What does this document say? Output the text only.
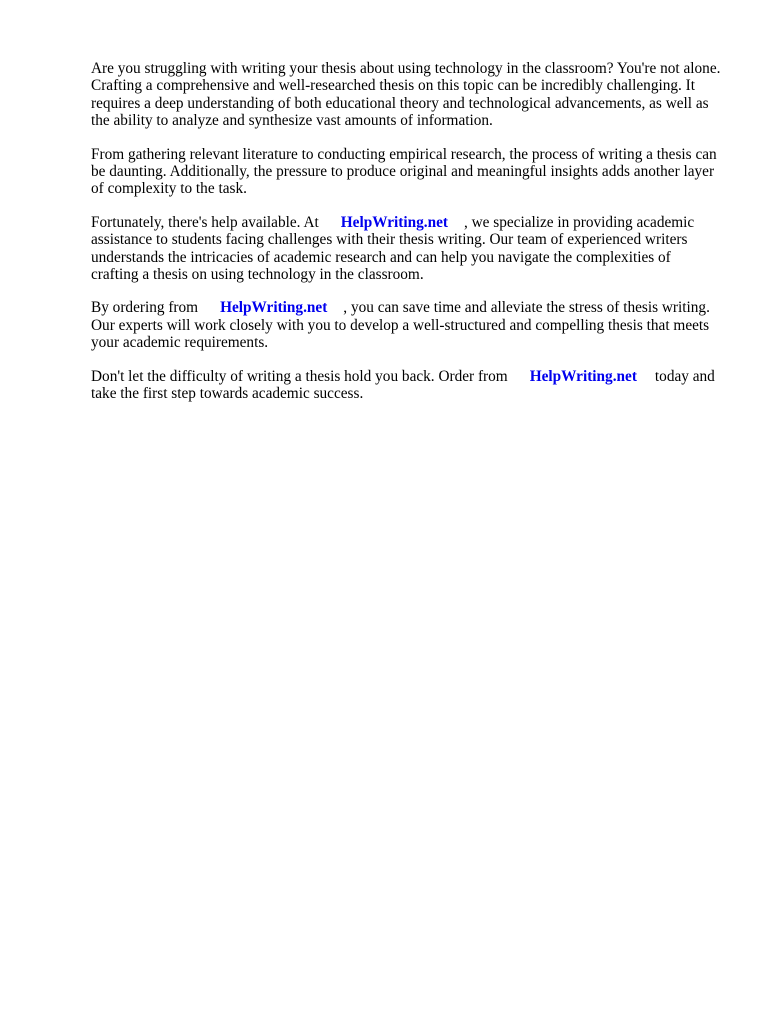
Are you struggling with writing your thesis about using technology in the classroom? You're not alone. Crafting a comprehensive and well-researched thesis on this topic can be incredibly challenging. It requires a deep understanding of both educational theory and technological advancements, as well as the ability to analyze and synthesize vast amounts of information.

From gathering relevant literature to conducting empirical research, the process of writing a thesis can be daunting. Additionally, the pressure to produce original and meaningful insights adds another layer of complexity to the task.

Fortunately, there's help available. At HelpWriting.net , we specialize in providing academic assistance to students facing challenges with their thesis writing. Our team of experienced writers understands the intricacies of academic research and can help you navigate the complexities of crafting a thesis on using technology in the classroom.

By ordering from HelpWriting.net , you can save time and alleviate the stress of thesis writing. Our experts will work closely with you to develop a well-structured and compelling thesis that meets your academic requirements.

Don't let the difficulty of writing a thesis hold you back. Order from HelpWriting.net today and take the first step towards academic success.
